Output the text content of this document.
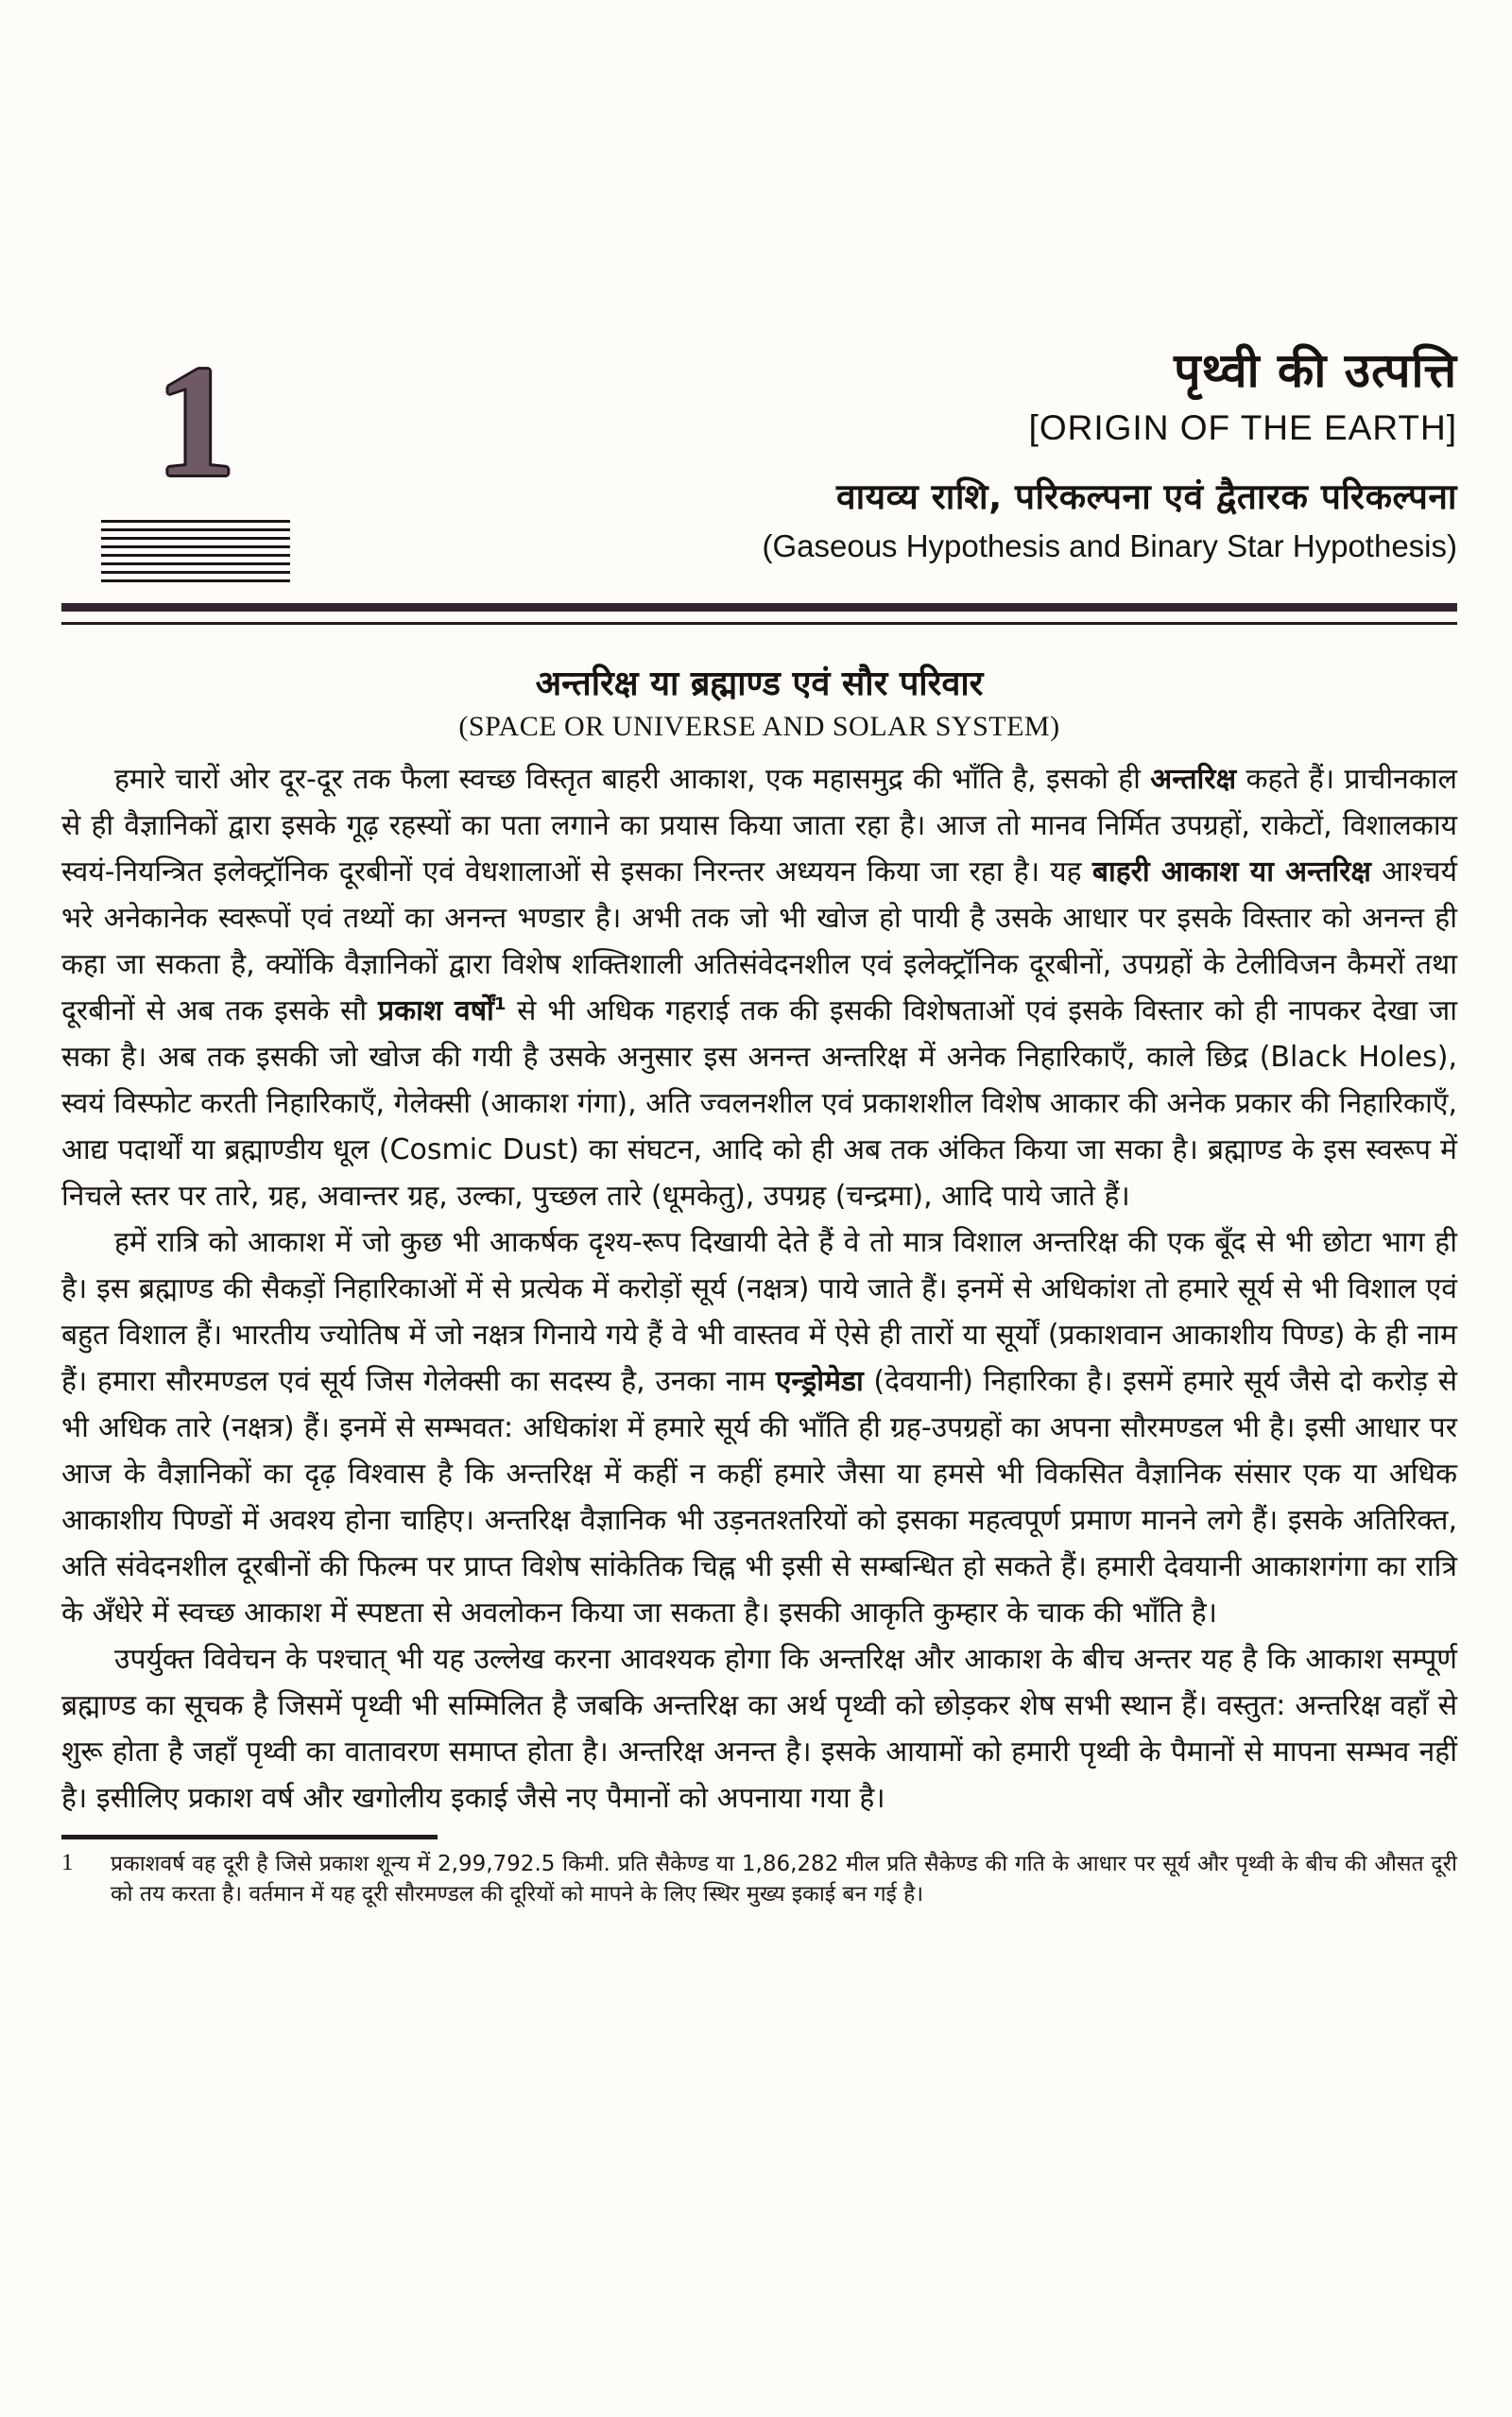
1	पृथ्वी की उत्पत्ति
[ORIGIN OF THE EARTH]
वायव्य राशि, परिकल्पना एवं द्वैतारक परिकल्पना
(Gaseous Hypothesis and Binary Star Hypothesis)
अन्तरिक्ष या ब्रह्माण्ड एवं सौर परिवार
(SPACE OR UNIVERSE AND SOLAR SYSTEM)

हमारे चारों ओर दूर-दूर तक फैला स्वच्छ विस्तृत बाहरी आकाश, एक महासमुद्र की भाँति है, इसको ही अन्तरिक्ष कहते हैं। प्राचीनकाल से ही वैज्ञानिकों द्वारा इसके गूढ़ रहस्यों का पता लगाने का प्रयास किया जाता रहा है। आज तो मानव निर्मित उपग्रहों, राकेटों, विशालकाय स्वयं-नियन्त्रित इलेक्ट्रॉनिक दूरबीनों एवं वेधशालाओं से इसका निरन्तर अध्ययन किया जा रहा है। यह बाहरी आकाश या अन्तरिक्ष आश्चर्य भरे अनेकानेक स्वरूपों एवं तथ्यों का अनन्त भण्डार है। अभी तक जो भी खोज हो पायी है उसके आधार पर इसके विस्तार को अनन्त ही कहा जा सकता है, क्योंकि वैज्ञानिकों द्वारा विशेष शक्तिशाली अतिसंवेदनशील एवं इलेक्ट्रॉनिक दूरबीनों, उपग्रहों के टेलीविजन कैमरों तथा दूरबीनों से अब तक इसके सौ प्रकाश वर्षों$^1$ से भी अधिक गहराई तक की इसकी विशेषताओं एवं इसके विस्तार को ही नापकर देखा जा सका है। अब तक इसकी जो खोज की गयी है उसके अनुसार इस अनन्त अन्तरिक्ष में अनेक निहारिकाएँ, काले छिद्र (Black Holes), स्वयं विस्फोट करती निहारिकाएँ, गेलेक्सी (आकाश गंगा), अति ज्वलनशील एवं प्रकाशशील विशेष आकार की अनेक प्रकार की निहारिकाएँ, आद्य पदार्थों या ब्रह्माण्डीय धूल (Cosmic Dust) का संघटन, आदि को ही अब तक अंकित किया जा सका है। ब्रह्माण्ड के इस स्वरूप में निचले स्तर पर तारे, ग्रह, अवान्तर ग्रह, उल्का, पुच्छल तारे (धूमकेतु), उपग्रह (चन्द्रमा), आदि पाये जाते हैं।

हमें रात्रि को आकाश में जो कुछ भी आकर्षक दृश्य-रूप दिखायी देते हैं वे तो मात्र विशाल अन्तरिक्ष की एक बूँद से भी छोटा भाग ही है। इस ब्रह्माण्ड की सैकड़ों निहारिकाओं में से प्रत्येक में करोड़ों सूर्य (नक्षत्र) पाये जाते हैं। इनमें से अधिकांश तो हमारे सूर्य से भी विशाल एवं बहुत विशाल हैं। भारतीय ज्योतिष में जो नक्षत्र गिनाये गये हैं वे भी वास्तव में ऐसे ही तारों या सूर्यों (प्रकाशवान आकाशीय पिण्ड) के ही नाम हैं। हमारा सौरमण्डल एवं सूर्य जिस गेलेक्सी का सदस्य है, उनका नाम एन्ड्रोमेडा (देवयानी) निहारिका है। इसमें हमारे सूर्य जैसे दो करोड़ से भी अधिक तारे (नक्षत्र) हैं। इनमें से सम्भवत: अधिकांश में हमारे सूर्य की भाँति ही ग्रह-उपग्रहों का अपना सौरमण्डल भी है। इसी आधार पर आज के वैज्ञानिकों का दृढ़ विश्वास है कि अन्तरिक्ष में कहीं न कहीं हमारे जैसा या हमसे भी विकसित वैज्ञानिक संसार एक या अधिक आकाशीय पिण्डों में अवश्य होना चाहिए। अन्तरिक्ष वैज्ञानिक भी उड़नतश्तरियों को इसका महत्वपूर्ण प्रमाण मानने लगे हैं। इसके अतिरिक्त, अति संवेदनशील दूरबीनों की फिल्म पर प्राप्त विशेष सांकेतिक चिह्न भी इसी से सम्बन्धित हो सकते हैं। हमारी देवयानी आकाशगंगा का रात्रि के अँधेरे में स्वच्छ आकाश में स्पष्टता से अवलोकन किया जा सकता है। इसकी आकृति कुम्हार के चाक की भाँति है।

उपर्युक्त विवेचन के पश्चात् भी यह उल्लेख करना आवश्यक होगा कि अन्तरिक्ष और आकाश के बीच अन्तर यह है कि आकाश सम्पूर्ण ब्रह्माण्ड का सूचक है जिसमें पृथ्वी भी सम्मिलित है जबकि अन्तरिक्ष का अर्थ पृथ्वी को छोड़कर शेष सभी स्थान हैं। वस्तुत: अन्तरिक्ष वहाँ से शुरू होता है जहाँ पृथ्वी का वातावरण समाप्त होता है। अन्तरिक्ष अनन्त है। इसके आयामों को हमारी पृथ्वी के पैमानों से मापना सम्भव नहीं है। इसीलिए प्रकाश वर्ष और खगोलीय इकाई जैसे नए पैमानों को अपनाया गया है।

1	प्रकाशवर्ष वह दूरी है जिसे प्रकाश शून्य में 2,99,792.5 किमी. प्रति सैकेण्ड या 1,86,282 मील प्रति सैकेण्ड की गति के आधार पर सूर्य और पृथ्वी के बीच की औसत दूरी को तय करता है। वर्तमान में यह दूरी सौरमण्डल की दूरियों को मापने के लिए स्थिर मुख्य इकाई बन गई है।
